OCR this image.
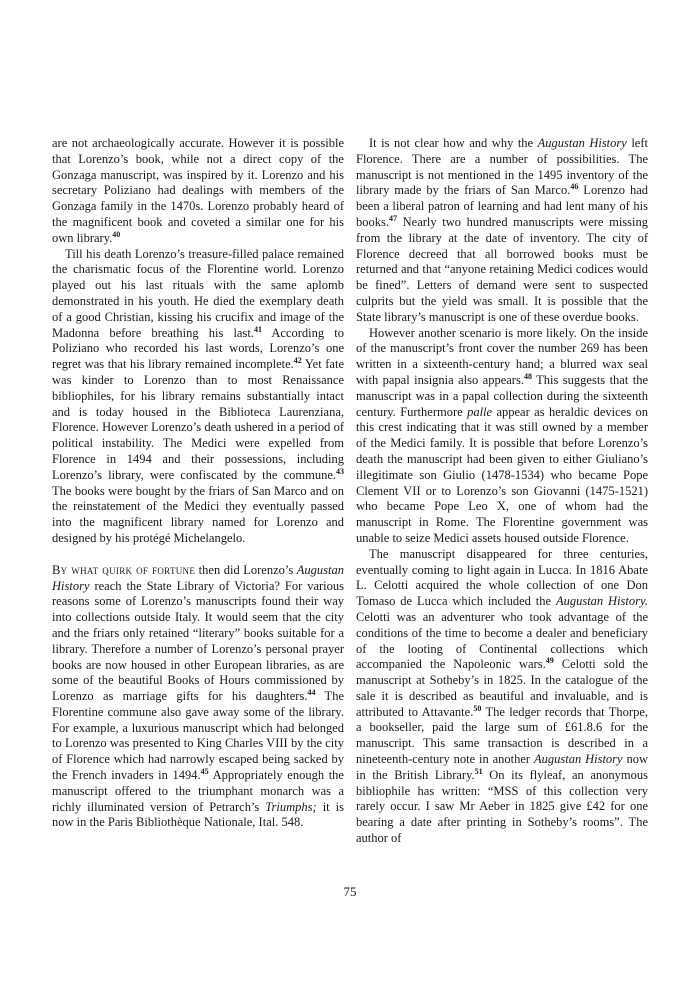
are not archaeologically accurate. However it is possible that Lorenzo’s book, while not a direct copy of the Gonzaga manuscript, was inspired by it. Lorenzo and his secretary Poliziano had dealings with members of the Gonzaga family in the 1470s. Lorenzo probably heard of the magnificent book and coveted a similar one for his own library.$^{40}$

Till his death Lorenzo’s treasure-filled palace remained the charismatic focus of the Florentine world. Lorenzo played out his last rituals with the same aplomb demonstrated in his youth. He died the exemplary death of a good Christian, kissing his crucifix and image of the Madonna before breathing his last.$^{41}$ According to Poliziano who recorded his last words, Lorenzo’s one regret was that his library remained incomplete.$^{42}$ Yet fate was kinder to Lorenzo than to most Renaissance bibliophiles, for his library remains substantially intact and is today housed in the Biblioteca Laurenziana, Florence. However Lorenzo’s death ushered in a period of political instability. The Medici were expelled from Florence in 1494 and their possessions, including Lorenzo’s library, were confiscated by the commune.$^{43}$ The books were bought by the friars of San Marco and on the reinstatement of the Medici they eventually passed into the magnificent library named for Lorenzo and designed by his protégé Michelangelo.

By what quirk of fortune then did Lorenzo’s Augustan History reach the State Library of Victoria? For various reasons some of Lorenzo’s manuscripts found their way into collections outside Italy. It would seem that the city and the friars only retained “literary” books suitable for a library. Therefore a number of Lorenzo’s personal prayer books are now housed in other European libraries, as are some of the beautiful Books of Hours commissioned by Lorenzo as marriage gifts for his daughters.$^{44}$ The Florentine commune also gave away some of the library. For example, a luxurious manuscript which had belonged to Lorenzo was presented to King Charles VIII by the city of Florence which had narrowly escaped being sacked by the French invaders in 1494.45 Appropriately enough the manuscript offered to the triumphant monarch was a richly illuminated version of Petrarch’s Triumphs; it is now in the Paris Bibliothèque Nationale, Ital. 548.

It is not clear how and why the Augustan History left Florence. There are a number of possibilities. The manuscript is not mentioned in the 1495 inventory of the library made by the friars of San Marco.$^{46}$ Lorenzo had been a liberal patron of learning and had lent many of his books.$^{47}$ Nearly two hundred manuscripts were missing from the library at the date of inventory. The city of Florence decreed that all borrowed books must be returned and that “anyone retaining Medici codices would be fined”. Letters of demand were sent to suspected culprits but the yield was small. It is possible that the State library’s manuscript is one of these overdue books.

However another scenario is more likely. On the inside of the manuscript’s front cover the number 269 has been written in a sixteenth-century hand; a blurred wax seal with papal insignia also appears.$^{48}$ This suggests that the manuscript was in a papal collection during the sixteenth century. Furthermore palle appear as heraldic devices on this crest indicating that it was still owned by a member of the Medici family. It is possible that before Lorenzo’s death the manuscript had been given to either Giuliano’s illegitimate son Giulio (1478-1534) who became Pope Clement VII or to Lorenzo’s son Giovanni (1475-1521) who became Pope Leo X, one of whom had the manuscript in Rome. The Florentine government was unable to seize Medici assets housed outside Florence.

The manuscript disappeared for three centuries, eventually coming to light again in Lucca. In 1816 Abate L. Celotti acquired the whole collection of one Don Tomaso de Lucca which included the Augustan History. Celotti was an adventurer who took advantage of the conditions of the time to become a dealer and beneficiary of the looting of Continental collections which accompanied the Napoleonic wars.$^{49}$ Celotti sold the manuscript at Sotheby’s in 1825. In the catalogue of the sale it is described as beautiful and invaluable, and is attributed to Attavante.$^{50}$ The ledger records that Thorpe, a bookseller, paid the large sum of £61.8.6 for the manuscript. This same transaction is described in a nineteenth-century note in another Augustan History now in the British Library.$^{51}$ On its flyleaf, an anonymous bibliophile has written: “MSS of this collection very rarely occur. I saw Mr Aeber in 1825 give £42 for one bearing a date after printing in Sotheby’s rooms”. The author of

75
